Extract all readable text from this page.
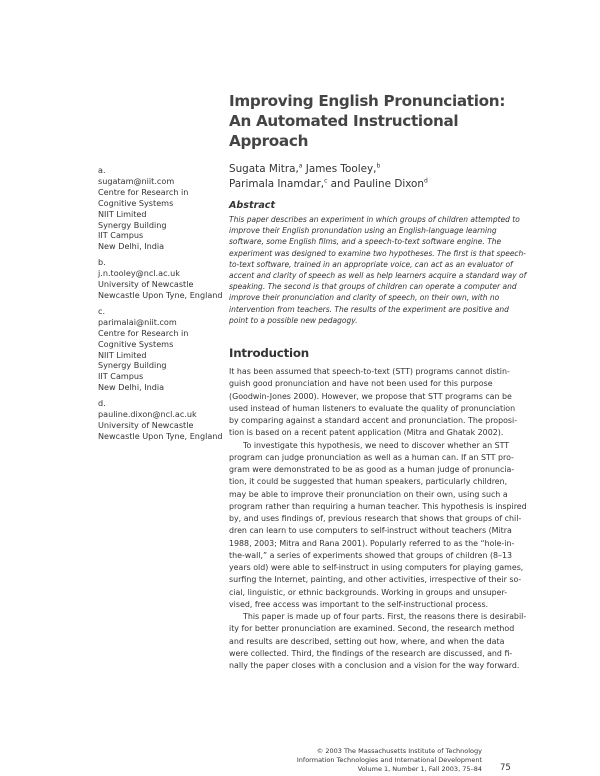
a.
sugatam@niit.com
Centre for Research in
Cognitive Systems
NIIT Limited
Synergy Building
IIT Campus
New Delhi, India
b.
j.n.tooley@ncl.ac.uk
University of Newcastle
Newcastle Upon Tyne, England
c.
parimalai@niit.com
Centre for Research in
Cognitive Systems
NIIT Limited
Synergy Building
IIT Campus
New Delhi, India
d.
pauline.dixon@ncl.ac.uk
University of Newcastle
Newcastle Upon Tyne, England
Improving English Pronunciation:
An Automated Instructional
Approach
Sugata Mitra,$^a$ James Tooley,$^b$
Parimala Inamdar,$^c$ and Pauline Dixon$^d$
Abstract
This paper describes an experiment in which groups of children attempted to
improve their English pronundation using an English-language learning
software, some English films, and a speech-to-text software engine. The
experiment was designed to examine two hypotheses. The first is that speech-
to-text software, trained in an appropriate voice, can act as an evaluator of
accent and clarity of speech as well as help learners acquire a standard way of
speaking. The second is that groups of children can operate a computer and
improve their pronunciation and clarity of speech, on their own, with no
intervention from teachers. The results of the experiment are positive and
point to a possible new pedagogy.
Introduction
It has been assumed that speech-to-text (STT) programs cannot distin-
guish good pronunciation and have not been used for this purpose
(Goodwin-Jones 2000). However, we propose that STT programs can be
used instead of human listeners to evaluate the quality of pronunciation
by comparing against a standard accent and pronunciation. The proposi-
tion is based on a recent patent application (Mitra and Ghatak 2002).
To investigate this hypothesis, we need to discover whether an STT
program can judge pronunciation as well as a human can. If an STT pro-
gram were demonstrated to be as good as a human judge of pronuncia-
tion, it could be suggested that human speakers, particularly children,
may be able to improve their pronunciation on their own, using such a
program rather than requiring a human teacher. This hypothesis is inspired
by, and uses findings of, previous research that shows that groups of chil-
dren can learn to use computers to self-instruct without teachers (Mitra
1988, 2003; Mitra and Rana 2001). Popularly referred to as the “hole-in-
the-wall,” a series of experiments showed that groups of children (8–13
years old) were able to self-instruct in using computers for playing games,
surfing the Internet, painting, and other activities, irrespective of their so-
cial, linguistic, or ethnic backgrounds. Working in groups and unsuper-
vised, free access was important to the self-instructional process.
This paper is made up of four parts. First, the reasons there is desirabil-
ity for better pronunciation are examined. Second, the research method
and results are described, setting out how, where, and when the data
were collected. Third, the findings of the research are discussed, and fi-
nally the paper closes with a conclusion and a vision for the way forward.
© 2003 The Massachusetts Institute of Technology
Information Technologies and International Development
Volume 1, Number 1, Fall 2003, 75–84 75
